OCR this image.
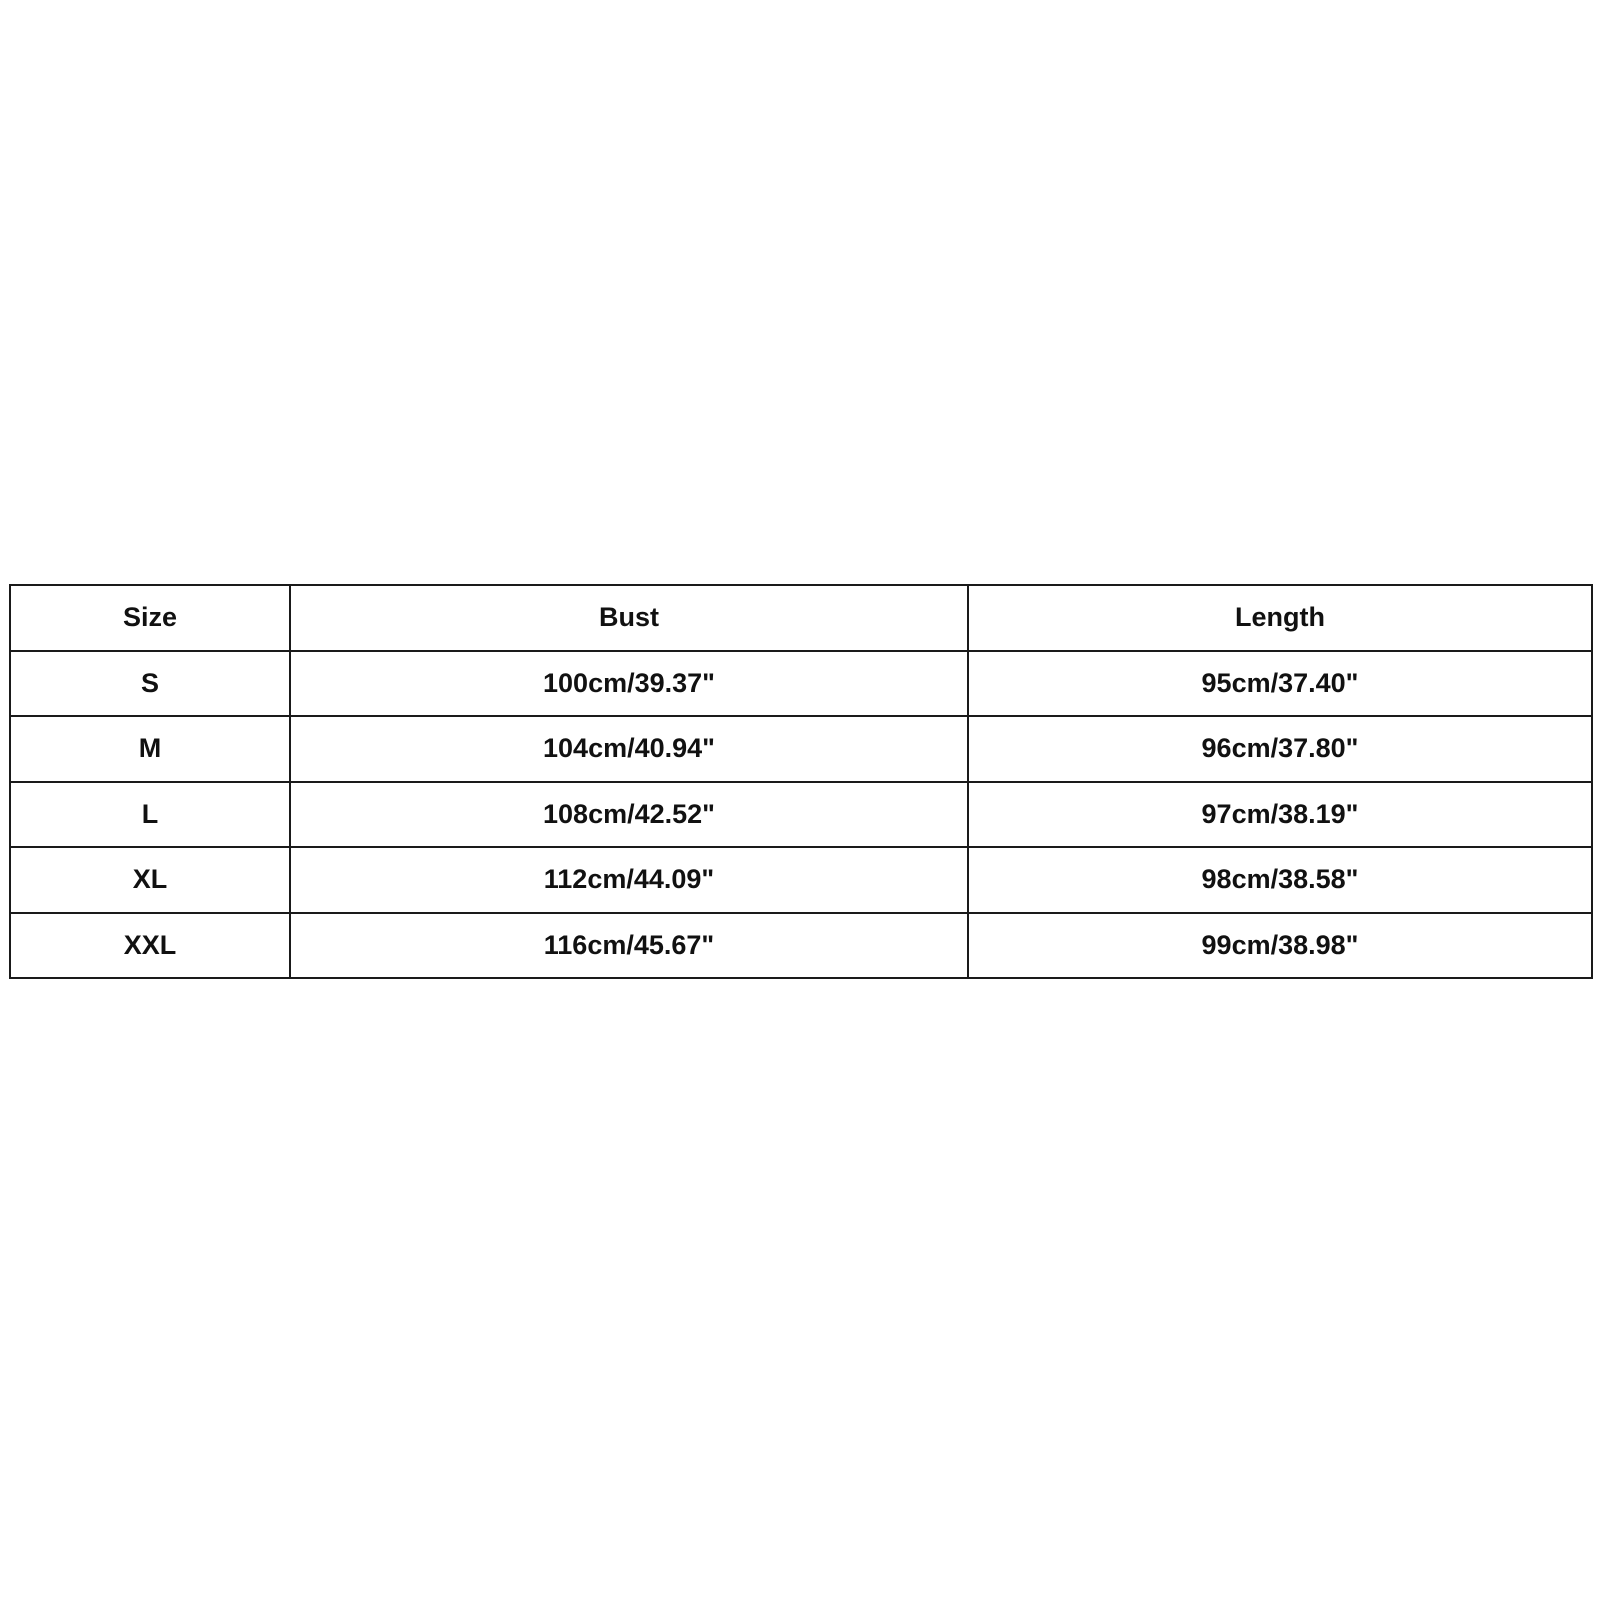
Size	Bust	Length
S	100cm/39.37"	95cm/37.40"
M	104cm/40.94"	96cm/37.80"
L	108cm/42.52"	97cm/38.19"
XL	112cm/44.09"	98cm/38.58"
XXL	116cm/45.67"	99cm/38.98"
